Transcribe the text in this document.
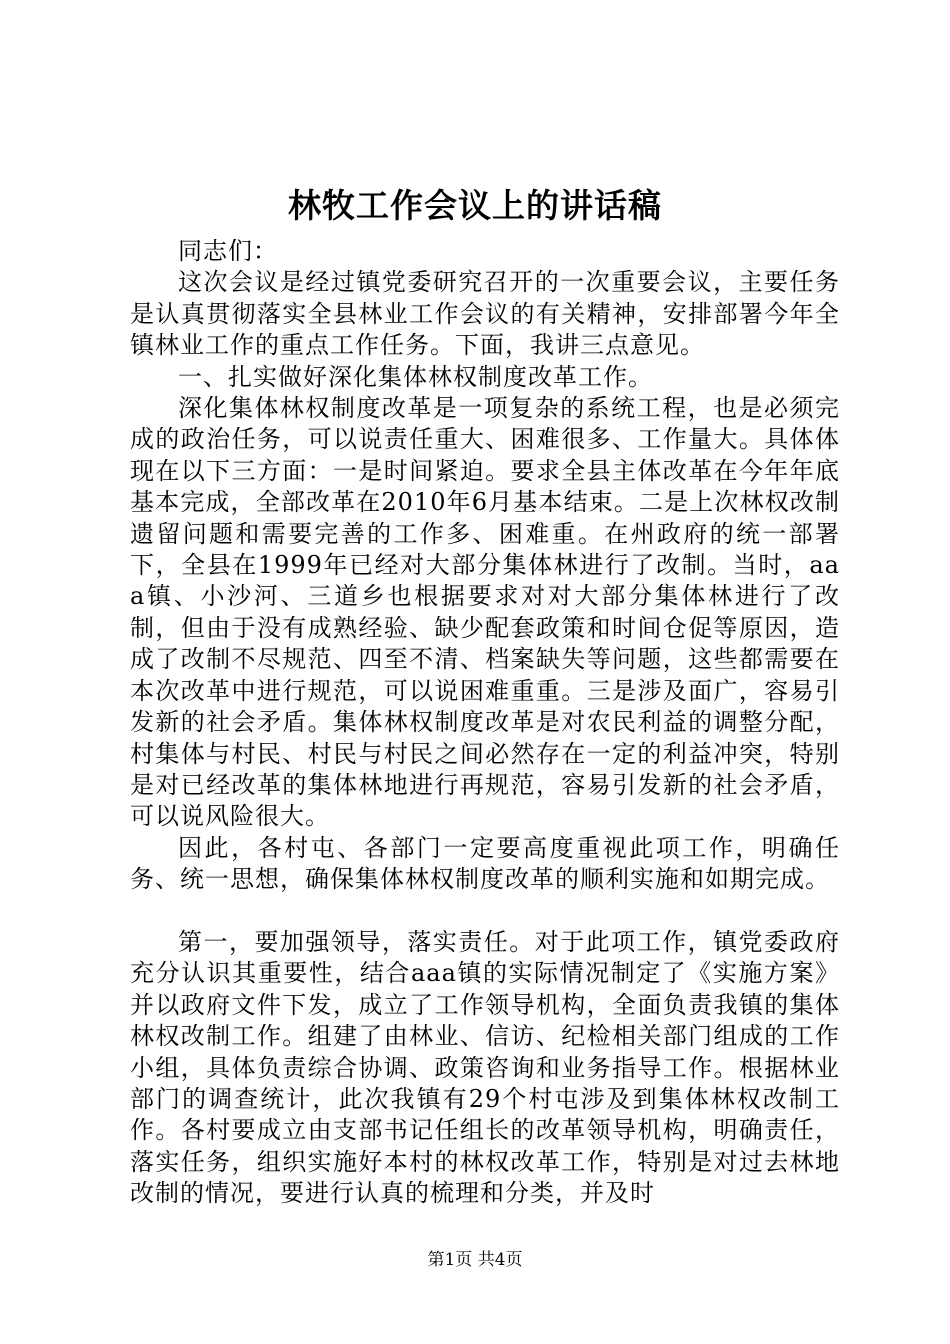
林牧工作会议上的讲话稿

同志们：

这次会议是经过镇党委研究召开的一次重要会议，主要任务是认真贯彻落实全县林业工作会议的有关精神，安排部署今年全镇林业工作的重点工作任务。下面，我讲三点意见。

一、扎实做好深化集体林权制度改革工作。

深化集体林权制度改革是一项复杂的系统工程，也是必须完成的政治任务，可以说责任重大、困难很多、工作量大。具体体现在以下三方面：一是时间紧迫。要求全县主体改革在今年年底基本完成，全部改革在2010年6月基本结束。二是上次林权改制遗留问题和需要完善的工作多、困难重。在州政府的统一部署下，全县在1999年已经对大部分集体林进行了改制。当时，aaa镇、小沙河、三道乡也根据要求对对大部分集体林进行了改制，但由于没有成熟经验、缺少配套政策和时间仓促等原因，造成了改制不尽规范、四至不清、档案缺失等问题，这些都需要在本次改革中进行规范，可以说困难重重。三是涉及面广，容易引发新的社会矛盾。集体林权制度改革是对农民利益的调整分配，村集体与村民、村民与村民之间必然存在一定的利益冲突，特别是对已经改革的集体林地进行再规范，容易引发新的社会矛盾，可以说风险很大。

因此，各村屯、各部门一定要高度重视此项工作，明确任务、统一思想，确保集体林权制度改革的顺利实施和如期完成。

第一，要加强领导，落实责任。对于此项工作，镇党委政府充分认识其重要性，结合aaa镇的实际情况制定了《实施方案》并以政府文件下发，成立了工作领导机构，全面负责我镇的集体林权改制工作。组建了由林业、信访、纪检相关部门组成的工作小组，具体负责综合协调、政策咨询和业务指导工作。根据林业部门的调查统计，此次我镇有29个村屯涉及到集体林权改制工作。各村要成立由支部书记任组长的改革领导机构，明确责任，落实任务，组织实施好本村的林权改革工作，特别是对过去林地改制的情况，要进行认真的梳理和分类，并及时

第1页 共4页
